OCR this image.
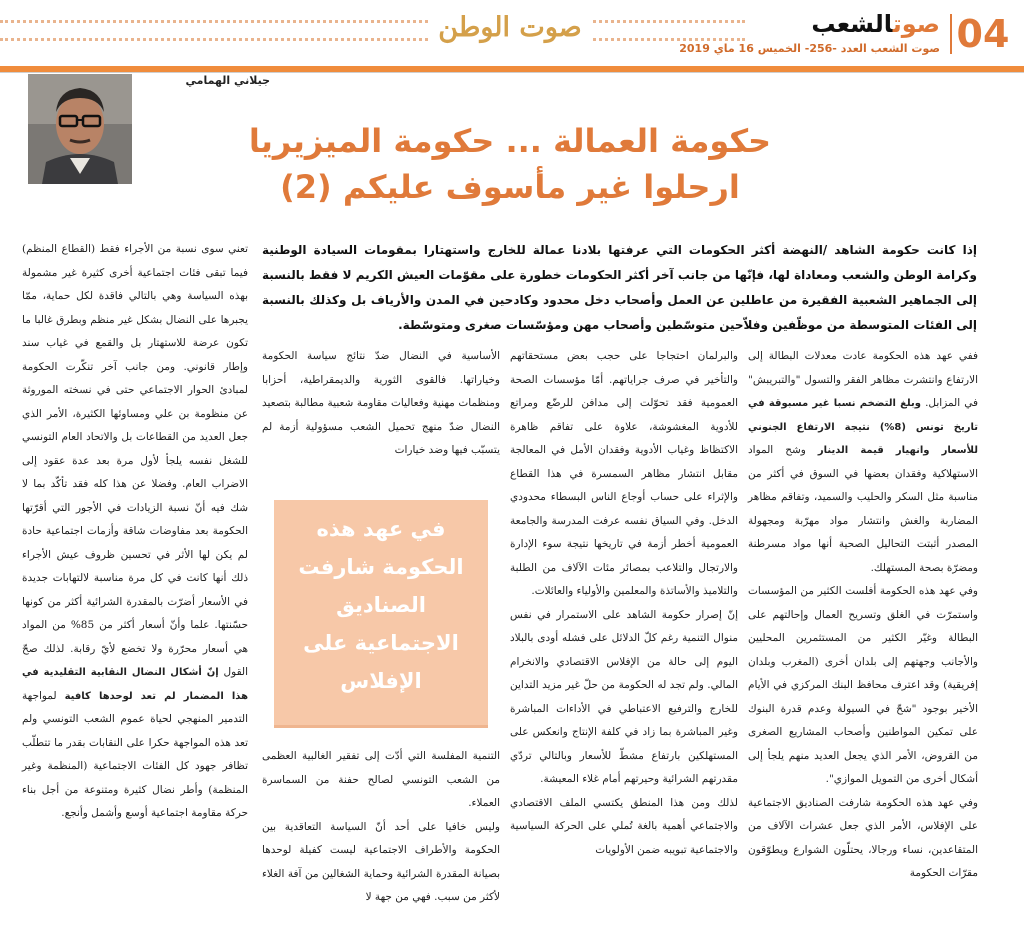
صوت الوطن	صوتالشعب
صوت الشعب العدد -256- الخميس 16 ماي 2019 04
جيلاني الهمامي
حكومة العمالة ... حكومة الميزيريا
ارحلوا غير مأسوف عليكم (2)
إذا كانت حكومة الشاهد /النهضة أكثر الحكومات التي عرفتها بلادنا عمالة للخارج واستهتارا بمقومات السيادة الوطنية وكرامة الوطن والشعب ومعاداة لها، فإنّها من جانب آخر أكثر الحكومات خطورة على مقوّمات العيش الكريم لا فقط بالنسبة إلى الجماهير الشعبية الفقيرة من عاطلين عن العمل وأصحاب دخل محدود وكادحين في المدن والأرياف بل وكذلك بالنسبة إلى الفئات المتوسطة من موظّفين وفلاّحين متوسّطين وأصحاب مهن ومؤسّسات صغرى ومتوسّطة.

ففي عهد هذه الحكومة عادت معدلات البطالة إلى الارتفاع وانتشرت مظاهر الفقر والتسول "والتبريبش" في المزابل. وبلغ التضخم نسبا غير مسبوقة في تاريخ تونس (8%) نتيجة الارتفاع الجنوني للأسعار وانهيار قيمة الدينار وشح المواد الاستهلاكية وفقدان بعضها في السوق في أكثر من مناسبة مثل السكر والحليب والسميد، وتفاقم مظاهر المضاربة والغش وانتشار مواد مهرّبة ومجهولة المصدر أثبتت التحاليل الصحية أنها مواد مسرطنة ومضرّة بصحة المستهلك.

وفي عهد هذه الحكومة أفلست الكثير من المؤسسات واستمرّت في الغلق وتسريح العمال وإحالتهم على البطالة وغيّر الكثير من المستثمرين المحليين والأجانب وجهتهم إلى بلدان أخرى (المغرب وبلدان إفريقية) وقد اعترف محافظ البنك المركزي في الأيام الأخير بوجود "شحّ في السيولة وعدم قدرة البنوك على تمكين المواطنين وأصحاب المشاريع الصغرى من القروض، الأمر الذي يجعل العديد منهم يلجأ إلى أشكال أخرى من التمويل الموازي".

وفي عهد هذه الحكومة شارفت الصناديق الاجتماعية على الإفلاس، الأمر الذي جعل عشرات الآلاف من المتقاعدين، نساء ورجالا، يحتلّون الشوارع ويطوّقون مقرّات الحكومة

والبرلمان احتجاجا على حجب بعض مستحقاتهم والتأخير في صرف جراياتهم. أمّا مؤسسات الصحة العمومية فقد تحوّلت إلى مدافن للرضّع ومراتع للأدوية المغشوشة، علاوة على تفاقم ظاهرة الاكتظاظ وغياب الأدوية وفقدان الأمل في المعالجة مقابل انتشار مظاهر السمسرة في هذا القطاع والإثراء على حساب أوجاع الناس البسطاء محدودي الدخل. وفي السياق نفسه عرفت المدرسة والجامعة العمومية أخطر أزمة في تاريخها نتيجة سوء الإدارة والارتجال والتلاعب بمصائر مئات الآلاف من الطلبة والتلاميذ والأساتذة والمعلمين والأولياء والعائلات.

إنّ إصرار حكومة الشاهد على الاستمرار في نفس منوال التنمية رغم كلّ الدلائل على فشله أودى بالبلاد اليوم إلى حالة من الإفلاس الاقتصادي والانخرام المالي. ولم تجد له الحكومة من حلّ غير مزيد التداين للخارج والترفيع الاعتباطي في الأداءات المباشرة وغير المباشرة بما زاد في كلفة الإنتاج وانعكس على المستهلكين بارتفاع مشطّ للأسعار وبالتالي تردّي مقدرتهم الشرائية وحيرتهم أمام غلاء المعيشة.

لذلك ومن هذا المنطق يكتسي الملف الاقتصادي والاجتماعي أهمية بالغة تُملي على الحركة السياسية والاجتماعية تبويبه ضمن الأولويات

الأساسية في النضال ضدّ نتائج سياسة الحكومة وخياراتها. فالقوى الثورية والديمقراطية، أحزابا ومنظمات مهنية وفعاليات مقاومة شعبية مطالبة بتصعيد النضال ضدّ منهج تحميل الشعب مسؤولية أزمة لم يتسبّب فيها وضد خيارات

في عهد هذه الحكومة شارفت الصناديق الاجتماعية على الإفلاس

التنمية المفلسة التي أدّت إلى تفقير الغالبية العظمى من الشعب التونسي لصالح حفنة من السماسرة العملاء.

وليس خافيا على أحد أنّ السياسة التعاقدية بين الحكومة والأطراف الاجتماعية ليست كفيلة لوحدها بصيانة المقدرة الشرائية وحماية الشغالين من آفة الغلاء لأكثر من سبب. فهي من جهة لا

تعني سوى نسبة من الأجراء فقط (القطاع المنظم) فيما تبقى فئات اجتماعية أخرى كثيرة غير مشمولة بهذه السياسة وهي بالتالي فاقدة لكل حماية، ممّا يجبرها على النضال بشكل غير منظم وبطرق غالبا ما تكون عرضة للاستهتار بل والقمع في غياب سند وإطار قانوني. ومن جانب آخر تنكّرت الحكومة لمبادئ الحوار الاجتماعي حتى في نسخته الموروثة عن منظومة بن علي ومساوئها الكثيرة، الأمر الذي جعل العديد من القطاعات بل والاتحاد العام التونسي للشغل نفسه يلجأ لأول مرة بعد عدة عقود إلى الاضراب العام. وفضلا عن هذا كله فقد تأكّد بما لا شك فيه أنّ نسبة الزيادات في الأجور التي أقرّتها الحكومة بعد مفاوضات شاقة وأزمات اجتماعية حادة لم يكن لها الأثر في تحسين ظروف عيش الأجراء ذلك أنها كانت في كل مرة مناسبة لالتهابات جديدة في الأسعار أضرّت بالمقدرة الشرائية أكثر من كونها حسّنتها. علما وأنّ أسعار أكثر من 85% من المواد هي أسعار محرّرة ولا تخضع لأيّ رقابة. لذلك صحّ القول إنّ أشكال النضال النقابية التقليدية في هذا المضمار لم تعد لوحدها كافية لمواجهة التدمير المنهجي لحياة عموم الشعب التونسي ولم تعد هذه المواجهة حكرا على النقابات بقدر ما تتطلّب تظافر جهود كل الفئات الاجتماعية (المنظمة وغير المنظمة) وأطر نضال كثيرة ومتنوعة من أجل بناء حركة مقاومة اجتماعية أوسع وأشمل وأنجع.
